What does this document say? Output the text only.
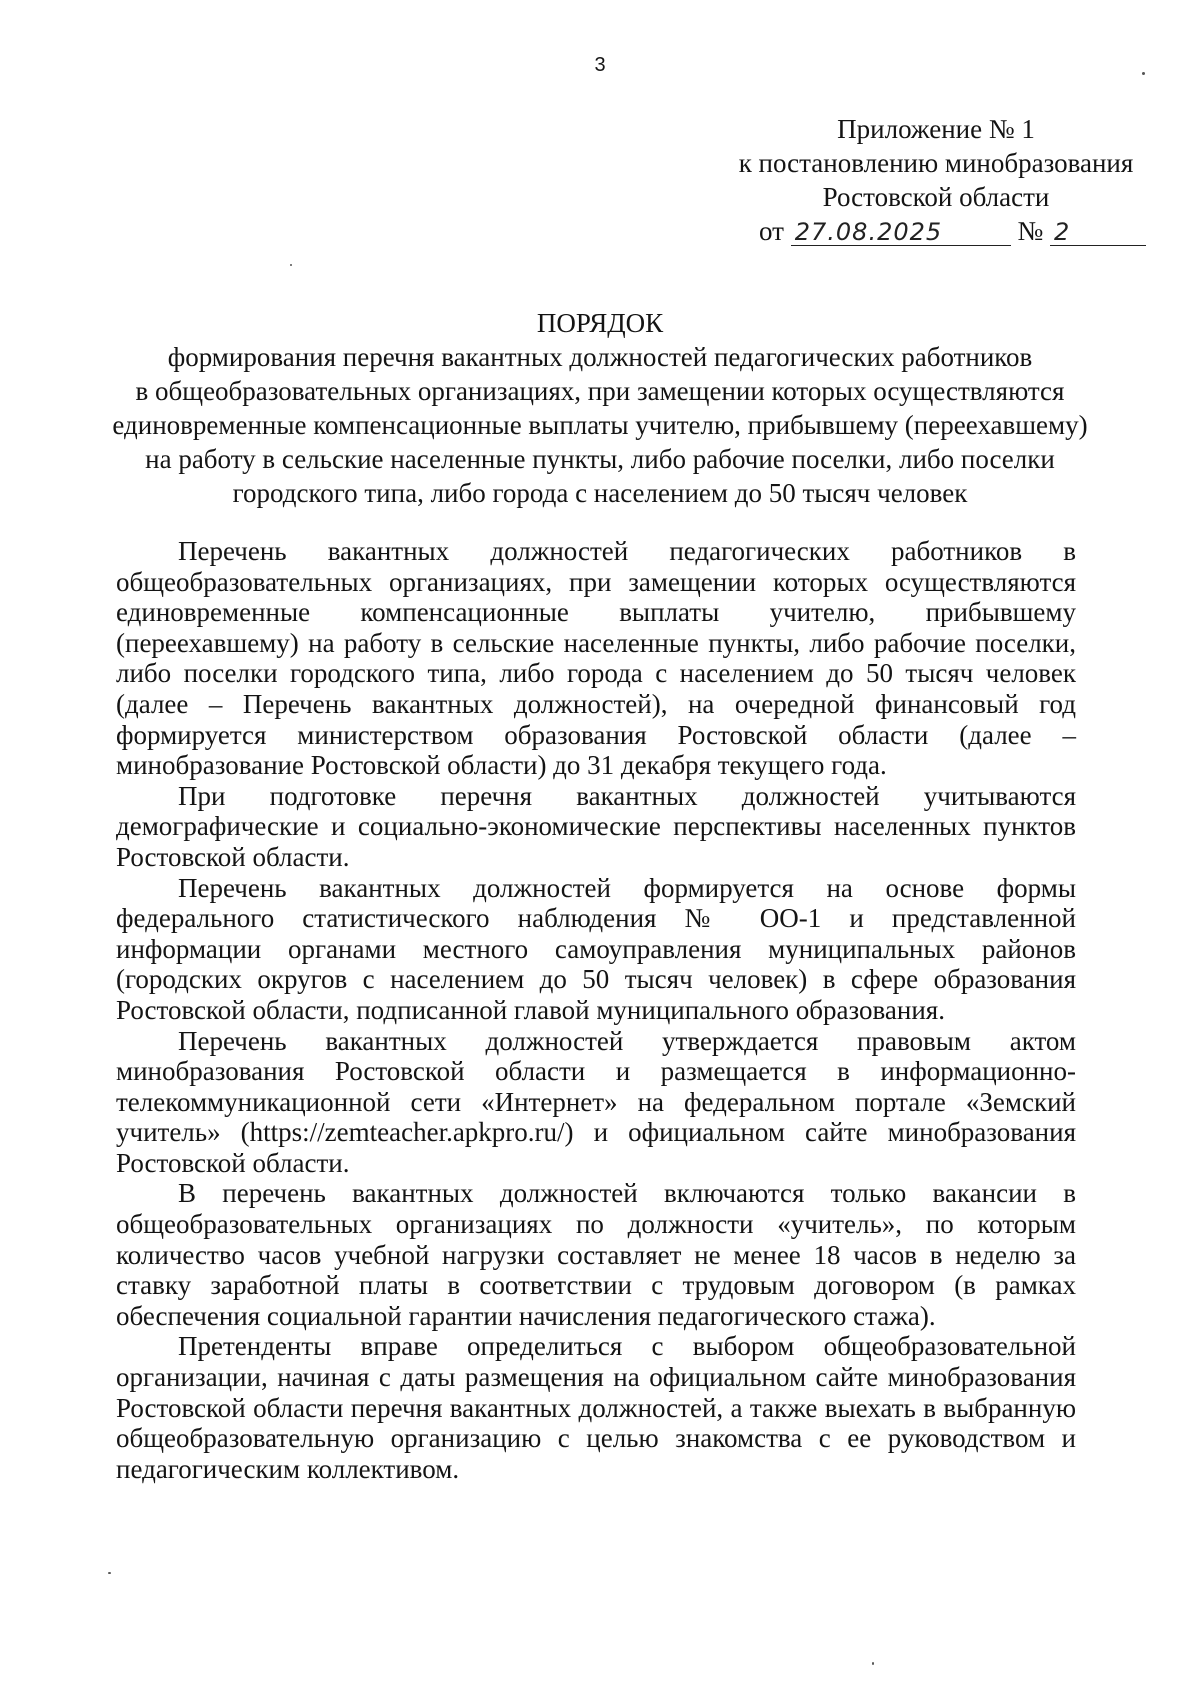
3
Приложение № 1
к постановлению минобразования
Ростовской области
от 27.08.2025	№ 2
ПОРЯДОК
формирования перечня вакантных должностей педагогических работников
в общеобразовательных организациях, при замещении которых осуществляются
единовременные компенсационные выплаты учителю, прибывшему (переехавшему)
на работу в сельские населенные пункты, либо рабочие поселки, либо поселки
городского типа, либо города с населением до 50 тысяч человек

Перечень вакантных должностей педагогических работников в общеобразовательных организациях, при замещении которых осуществляются единовременные компенсационные выплаты учителю, прибывшему (переехавшему) на работу в сельские населенные пункты, либо рабочие поселки, либо поселки городского типа, либо города с населением до 50 тысяч человек (далее – Перечень вакантных должностей), на очередной финансовый год формируется министерством образования Ростовской области (далее – минобразование Ростовской области) до 31 декабря текущего года.

При подготовке перечня вакантных должностей учитываются демографические и социально-экономические перспективы населенных пунктов Ростовской области.

Перечень вакантных должностей формируется на основе формы федерального статистического наблюдения № ОО-1 и представленной информации органами местного самоуправления муниципальных районов (городских округов с населением до 50 тысяч человек) в сфере образования Ростовской области, подписанной главой муниципального образования.

Перечень вакантных должностей утверждается правовым актом минобразования Ростовской области и размещается в информационно-телекоммуникационной сети «Интернет» на федеральном портале «Земский учитель» (https://zemteacher.apkpro.ru/) и официальном сайте минобразования Ростовской области.

В перечень вакантных должностей включаются только вакансии в общеобразовательных организациях по должности «учитель», по которым количество часов учебной нагрузки составляет не менее 18 часов в неделю за ставку заработной платы в соответствии с трудовым договором (в рамках обеспечения социальной гарантии начисления педагогического стажа).

Претенденты вправе определиться с выбором общеобразовательной организации, начиная с даты размещения на официальном сайте минобразования Ростовской области перечня вакантных должностей, а также выехать в выбранную общеобразовательную организацию с целью знакомства с ее руководством и педагогическим коллективом.
